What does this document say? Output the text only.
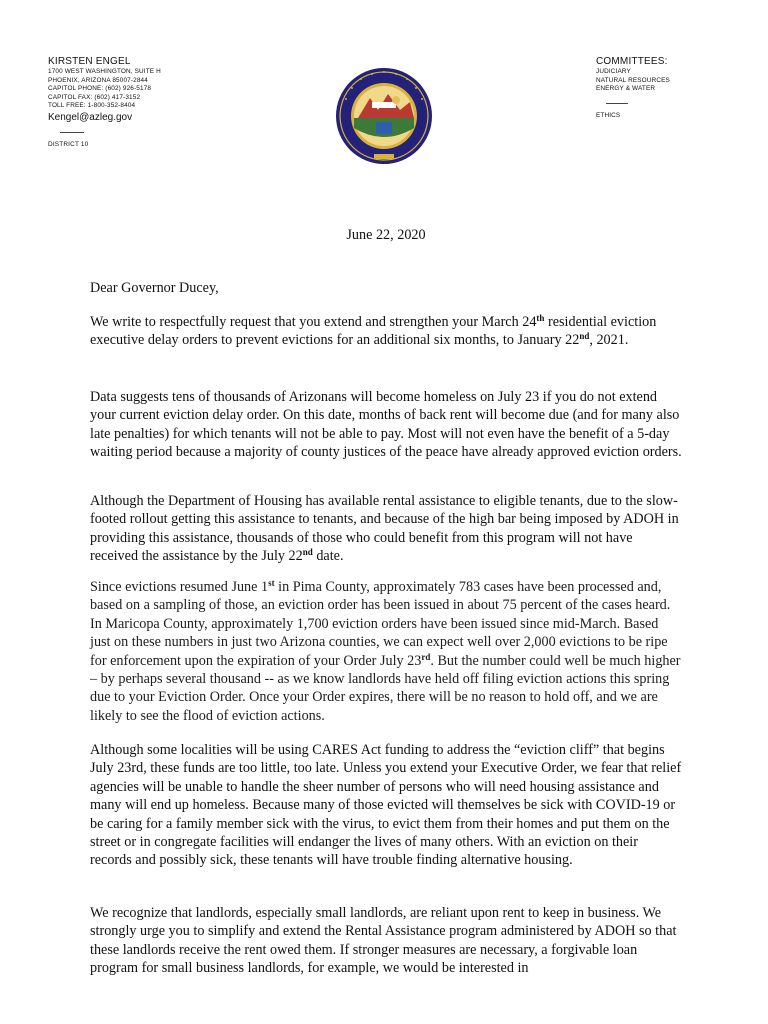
KIRSTEN ENGEL
1700 WEST WASHINGTON, SUITE H
PHOENIX, ARIZONA 85007-2844
CAPITOL PHONE: (602) 926-5178
CAPITOL FAX: (602) 417-3152
TOLL FREE: 1-800-352-8404
Kengel@azleg.gov
DISTRICT 10
COMMITTEES:
JUDICIARY
NATURAL RESOURCES
ENERGY & WATER
ETHICS
June 22, 2020
Dear Governor Ducey,

We write to respectfully request that you extend and strengthen your March 24th residential eviction executive delay orders to prevent evictions for an additional six months, to January 22nd, 2021.

Data suggests tens of thousands of Arizonans will become homeless on July 23 if you do not extend your current eviction delay order. On this date, months of back rent will become due (and for many also late penalties) for which tenants will not be able to pay. Most will not even have the benefit of a 5-day waiting period because a majority of county justices of the peace have already approved eviction orders.

Although the Department of Housing has available rental assistance to eligible tenants, due to the slow-footed rollout getting this assistance to tenants, and because of the high bar being imposed by ADOH in providing this assistance, thousands of those who could benefit from this program will not have received the assistance by the July 22nd date.

Since evictions resumed June 1st in Pima County, approximately 783 cases have been processed and, based on a sampling of those, an eviction order has been issued in about 75 percent of the cases heard. In Maricopa County, approximately 1,700 eviction orders have been issued since mid-March. Based just on these numbers in just two Arizona counties, we can expect well over 2,000 evictions to be ripe for enforcement upon the expiration of your Order July 23rd. But the number could well be much higher – by perhaps several thousand -- as we know landlords have held off filing eviction actions this spring due to your Eviction Order. Once your Order expires, there will be no reason to hold off, and we are likely to see the flood of eviction actions.

Although some localities will be using CARES Act funding to address the “eviction cliff” that begins July 23rd, these funds are too little, too late. Unless you extend your Executive Order, we fear that relief agencies will be unable to handle the sheer number of persons who will need housing assistance and many will end up homeless. Because many of those evicted will themselves be sick with COVID-19 or be caring for a family member sick with the virus, to evict them from their homes and put them on the street or in congregate facilities will endanger the lives of many others. With an eviction on their records and possibly sick, these tenants will have trouble finding alternative housing.

We recognize that landlords, especially small landlords, are reliant upon rent to keep in business. We strongly urge you to simplify and extend the Rental Assistance program administered by ADOH so that these landlords receive the rent owed them. If stronger measures are necessary, a forgivable loan program for small business landlords, for example, we would be interested in
